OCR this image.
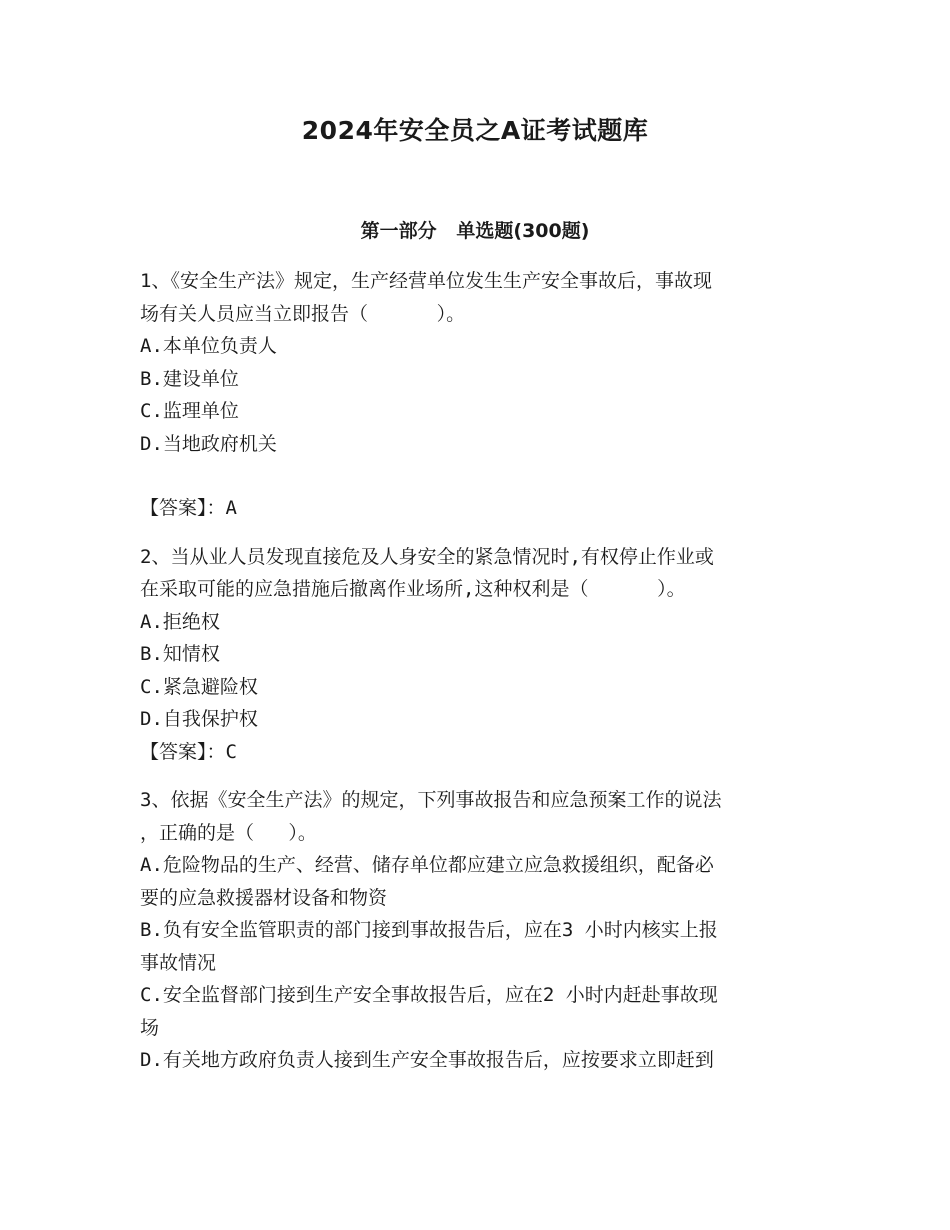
2024年安全员之A证考试题库
第一部分   单选题(300题)
1、《安全生产法》规定，生产经营单位发生生产安全事故后，事故现
场有关人员应当立即报告（      ）。
A.本单位负责人
B.建设单位
C.监理单位
D.当地政府机关
【答案】：A
2、当从业人员发现直接危及人身安全的紧急情况时,有权停止作业或
在采取可能的应急措施后撤离作业场所,这种权利是（      ）。
A.拒绝权
B.知情权
C.紧急避险权
D.自我保护权
【答案】：C
3、依据《安全生产法》的规定，下列事故报告和应急预案工作的说法
，正确的是（   ）。
A.危险物品的生产、经营、储存单位都应建立应急救援组织，配备必
要的应急救援器材设备和物资
B.负有安全监管职责的部门接到事故报告后，应在3 小时内核实上报
事故情况
C.安全监督部门接到生产安全事故报告后，应在2 小时内赶赴事故现
场
D.有关地方政府负责人接到生产安全事故报告后，应按要求立即赶到
